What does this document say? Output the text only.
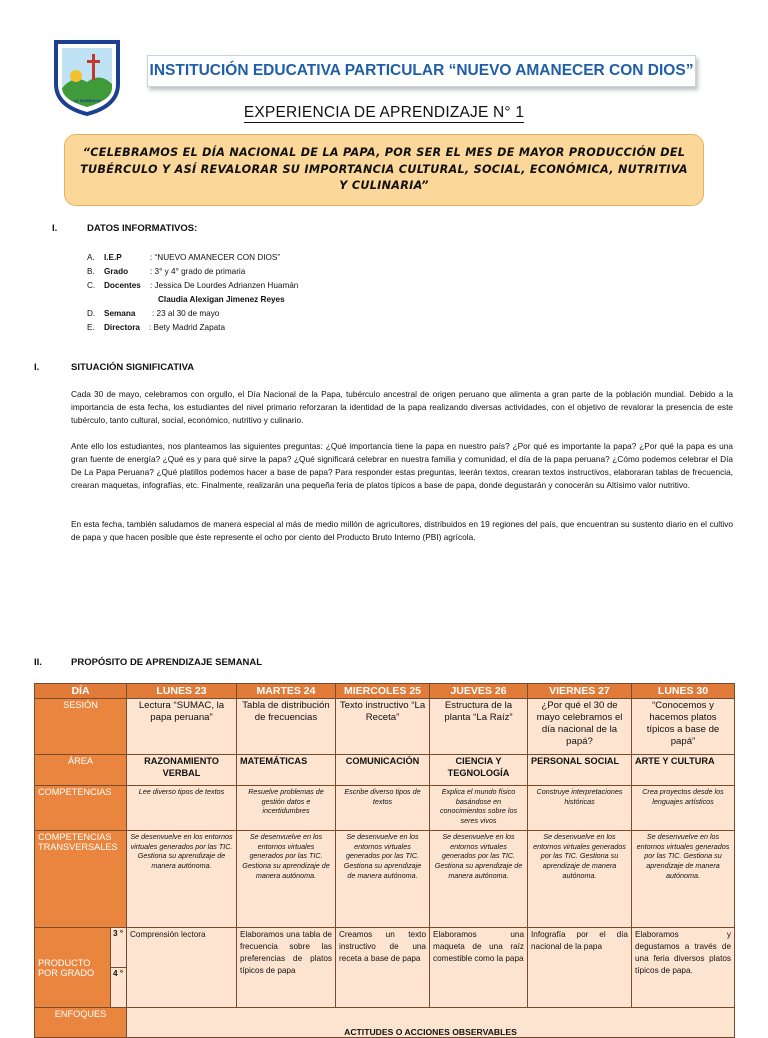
NUEVO AMANECER CON DIOS
LA MAGNOLIA
INSTITUCIÓN EDUCATIVA PARTICULAR “NUEVO AMANECER CON DIOS”
EXPERIENCIA DE APRENDIZAJE N° 1

“CELEBRAMOS EL DÍA NACIONAL DE LA PAPA, POR SER EL MES DE MAYOR PRODUCCIÓN DEL TUBÉRCULO Y ASÍ REVALORAR SU IMPORTANCIA CULTURAL, SOCIAL, ECONÓMICA, NUTRITIVA Y CULINARIA”

I.	DATOS INFORMATIVOS:
A. I.E.P	: “NUEVO AMANECER CON DIOS”
B. Grado	: 3° y 4° grado de primaria
C. Docentes : Jessica De Lourdes Adrianzen Huamán
Claudia Alexigan Jimenez Reyes
D. Semana : 23 al 30 de mayo
E. Directora : Bety Madrid Zapata
I.	SITUACIÓN SIGNIFICATIVA

Cada 30 de mayo, celebramos con orgullo, el Día Nacional de la Papa, tubérculo ancestral de origen peruano que alimenta a gran parte de la población mundial. Debido a la importancia de esta fecha, los estudiantes del nivel primario reforzaran la identidad de la papa realizando diversas actividades, con el objetivo de revalorar la presencia de este tubérculo, tanto cultural, social, económico, nutritivo y culinario.

Ante ello los estudiantes, nos planteamos las siguientes preguntas: ¿Qué importancia tiene la papa en nuestro país? ¿Por qué es importante la papa? ¿Por qué la papa es una gran fuente de energía? ¿Qué es y para qué sirve la papa? ¿Qué significará celebrar en nuestra familia y comunidad, el día de la papa peruana? ¿Cómo podemos celebrar el Día De La Papa Peruana? ¿Qué platillos podemos hacer a base de papa? Para responder estas preguntas, leerán textos, crearan textos instructivos, elaboraran tablas de frecuencia, crearan maquetas, infografías, etc. Finalmente, realizarán una pequeña feria de platos típicos a base de papa, donde degustarán y conocerán su Altísimo valor nutritivo.

En esta fecha, también saludamos de manera especial al más de medio millón de agricultores, distribuidos en 19 regiones del país, que encuentran su sustento diario en el cultivo de papa y que hacen posible que éste represente el ocho por ciento del Producto Bruto Interno (PBI) agrícola.

II.	PROPÓSITO DE APRENDIZAJE SEMANAL
DÍA		LUNES 23	MARTES 24	MIERCOLES 25	JUEVES 26	VIERNES 27	LUNES 30
SESIÓN		Lectura “SUMAC, la papa peruana”	Tabla de distribución de frecuencias	Texto instructivo “La Receta”	Estructura de la planta “La Raíz”	¿Por qué el 30 de mayo celebramos el día nacional de la papá?	“Conocemos y hacemos platos típicos a base de papá”
ÁREA		RAZONAMIENTO VERBAL	MATEMÁTICAS	COMUNICACIÓN	CIENCIA Y TEGNOLOGÍA	PERSONAL SOCIAL	ARTE Y CULTURA
COMPETENCIAS		Lee diverso tipos de textos	Resuelve problemas de gestión datos e incertidumbres	Escribe diverso tipos de textos	Explica el mundo físico basándose en conocimientos sobre los seres vivos	Construye interpretaciones históricas	Crea proyectos desde los lenguajes artísticos
COMPETENCIAS TRANSVERSALES		Se desenvuelve en los entornos virtuales generados por las TIC. Gestiona su aprendizaje de manera autónoma.	Se desenvuelve en los entornos virtuales generados por las TIC. Gestiona su aprendizaje de manera autónoma.	Se desenvuelve en los entornos virtuales generados por las TIC. Gestiona su aprendizaje de manera autónoma.	Se desenvuelve en los entornos virtuales generados por las TIC. Gestiona su aprendizaje de manera autónoma.	Se desenvuelve en los entornos virtuales generados por las TIC. Gestiona su aprendizaje de manera autónoma.	Se desenvuelve en los entornos virtuales generados por las TIC. Gestiona su aprendizaje de manera autónoma.
PRODUCTO POR GRADO	3 °	Comprensión lectora	Elaboramos una tabla de frecuencia sobre las preferencias de platos típicos de papa	Creamos un texto instructivo de una receta a base de papa	Elaboramos una maqueta de una raíz comestible como la papa	Infografía por el día nacional de la papa	Elaboramos y degustamos a través de una feria diversos platos típicos de papa.
	4 °						
ENFOQUES		ACTITUDES O ACCIONES OBSERVABLES					
